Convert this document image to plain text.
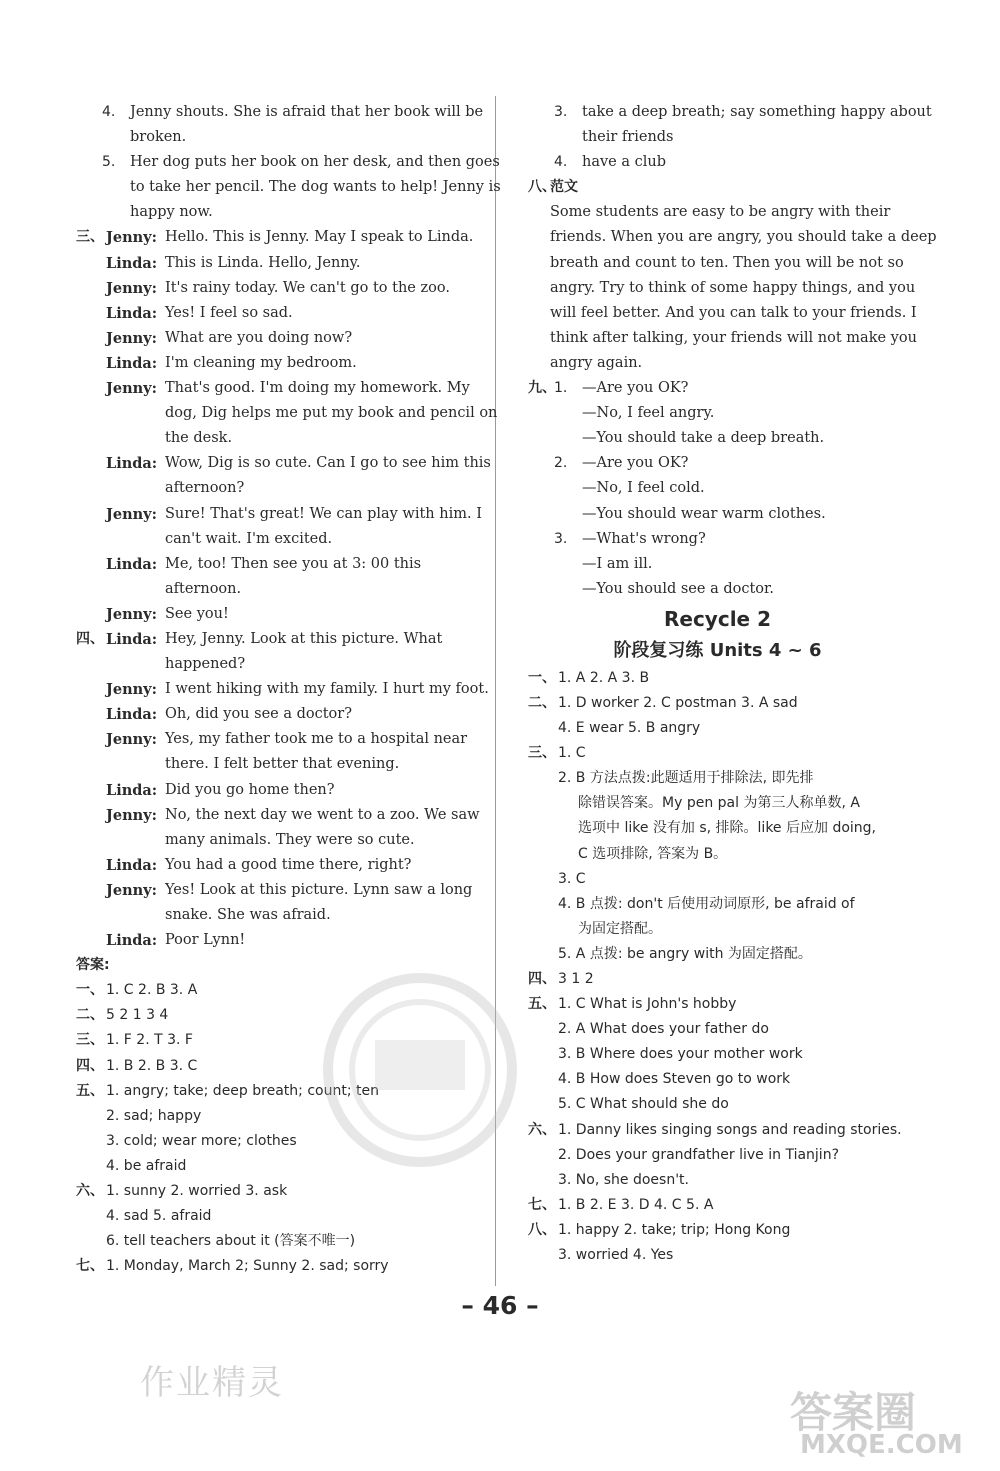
4. Jenny shouts. She is afraid that her book will be
broken.
5. Her dog puts her book on her desk, and then goes
to take her pencil. The dog wants to help! Jenny is
happy now.
三、 Jenny: Hello. This is Jenny. May I speak to Linda.
Linda: This is Linda. Hello, Jenny.
Jenny: It's rainy today. We can't go to the zoo.
Linda: Yes! I feel so sad.
Jenny: What are you doing now?
Linda: I'm cleaning my bedroom.
Jenny: That's good. I'm doing my homework. My
dog, Dig helps me put my book and pencil on
the desk.
Linda: Wow, Dig is so cute. Can I go to see him this
afternoon?
Jenny: Sure! That's great! We can play with him. I
can't wait. I'm excited.
Linda: Me, too! Then see you at 3: 00 this
afternoon.
Jenny: See you!
四、 Linda: Hey, Jenny. Look at this picture. What
happened?
Jenny: I went hiking with my family. I hurt my foot.
Linda: Oh, did you see a doctor?
Jenny: Yes, my father took me to a hospital near
there. I felt better that evening.
Linda: Did you go home then?
Jenny: No, the next day we went to a zoo. We saw
many animals. They were so cute.
Linda: You had a good time there, right?
Jenny: Yes! Look at this picture. Lynn saw a long
snake. She was afraid.
Linda: Poor Lynn!
答案:
一、 1. C 2. B 3. A
二、 5 2 1 3 4
三、 1. F 2. T 3. F
四、 1. B 2. B 3. C
五、 1. angry; take; deep breath; count; ten
2. sad; happy
3. cold; wear more; clothes
4. be afraid
六、 1. sunny 2. worried 3. ask
4. sad 5. afraid
6. tell teachers about it (答案不唯一)
七、 1. Monday, March 2; Sunny 2. sad; sorry
3. take a deep breath; say something happy about
their friends
4. have a club
八、
范文
Some students are easy to be angry with their
friends. When you are angry, you should take a deep
breath and count to ten. Then you will be not so
angry. Try to think of some happy things, and you
will feel better. And you can talk to your friends. I
think after talking, your friends will not make you
angry again.
九、
1. —Are you OK?
—No, I feel angry.
—You should take a deep breath.
2. —Are you OK?
—No, I feel cold.
—You should wear warm clothes.
3. —What's wrong?
—I am ill.
—You should see a doctor.
Recycle 2
阶段复习练 Units 4 ~ 6
一、 1. A 2. A 3. B
二、 1. D worker 2. C postman 3. A sad
4. E wear 5. B angry
三、 1. C
2. B 方法点拨:此题适用于排除法, 即先排
除错误答案。My pen pal 为第三人称单数, A
选项中 like 没有加 s, 排除。like 后应加 doing,
C 选项排除, 答案为 B。
3. C
4. B 点拨: don't 后使用动词原形, be afraid of
为固定搭配。
5. A 点拨: be angry with 为固定搭配。
四、 3 1 2
五、 1. C What is John's hobby
2. A What does your father do
3. B Where does your mother work
4. B How does Steven go to work
5. C What should she do
六、 1. Danny likes singing songs and reading stories.
2. Does your grandfather live in Tianjin?
3. No, she doesn't.
七、 1. B 2. E 3. D 4. C 5. A
八、 1. happy 2. take; trip; Hong Kong
3. worried 4. Yes
– 46 –
作业精灵
答案圈
MXQE.COM
